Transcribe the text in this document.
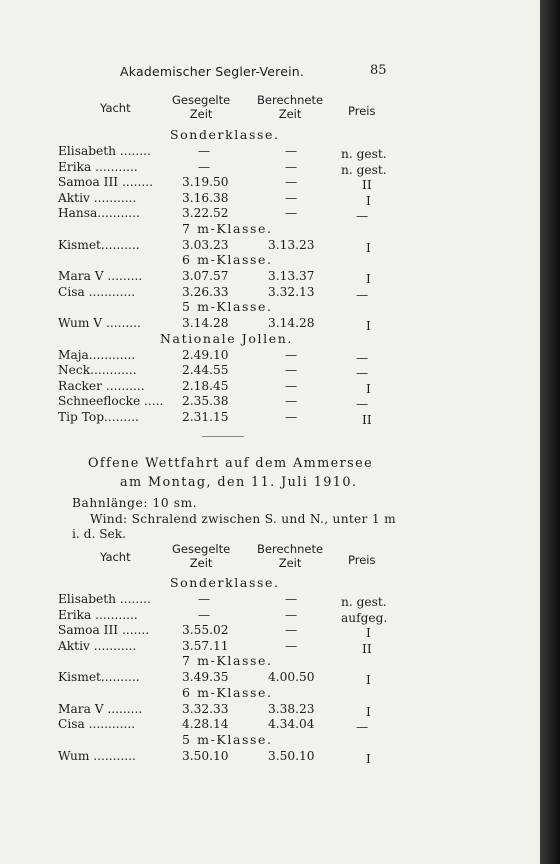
Akademischer Segler-Verein.	85
Yacht
Gesegelte
Zeit
Berechnete
Zeit	Preis
Sonderklasse.
Elisabeth ........	—	—	n. gest.
Erika ...........	—	—	n. gest.
Samoa III ........ 3.19.50	—	II
Aktiv ...........	3.16.38	—	I
Hansa...........	3.22.52	—	—
7 m-Klasse.
Kismet..........	3.03.23	3.13.23	I
6 m-Klasse.
Mara V .........	3.07.57	3.13.37	I
Cisa ............	3.26.33	3.32.13	—
5 m-Klasse.
Wum V .........	3.14.28	3.14.28	I
Nationale Jollen.
Maja............	2.49.10	—	—
Neck............	2.44.55	—	—
Racker ..........	2.18.45	—	I
Schneeflocke ..... 2.35.38	—	—
Tip Top.........	2.31.15	—	II
Offene Wettfahrt auf dem Ammersee
am Montag, den 11. Juli 1910.
Bahnlänge: 10 sm.
Wind: Schralend zwischen S. und N., unter 1 m
i. d. Sek.
Yacht
Gesegelte
Zeit
Berechnete
Zeit	Preis
Sonderklasse.
Elisabeth ........	—	—	n. gest.
Erika ...........	—	—	aufgeg.
Samoa III .......	3.55.02	—	I
Aktiv ...........	3.57.11	—	II
7 m-Klasse.
Kismet..........	3.49.35	4.00.50	I
6 m-Klasse.
Mara V .........	3.32.33	3.38.23	I
Cisa ............	4.28.14	4.34.04	—
5 m-Klasse.
Wum ...........	3.50.10	3.50.10	I
